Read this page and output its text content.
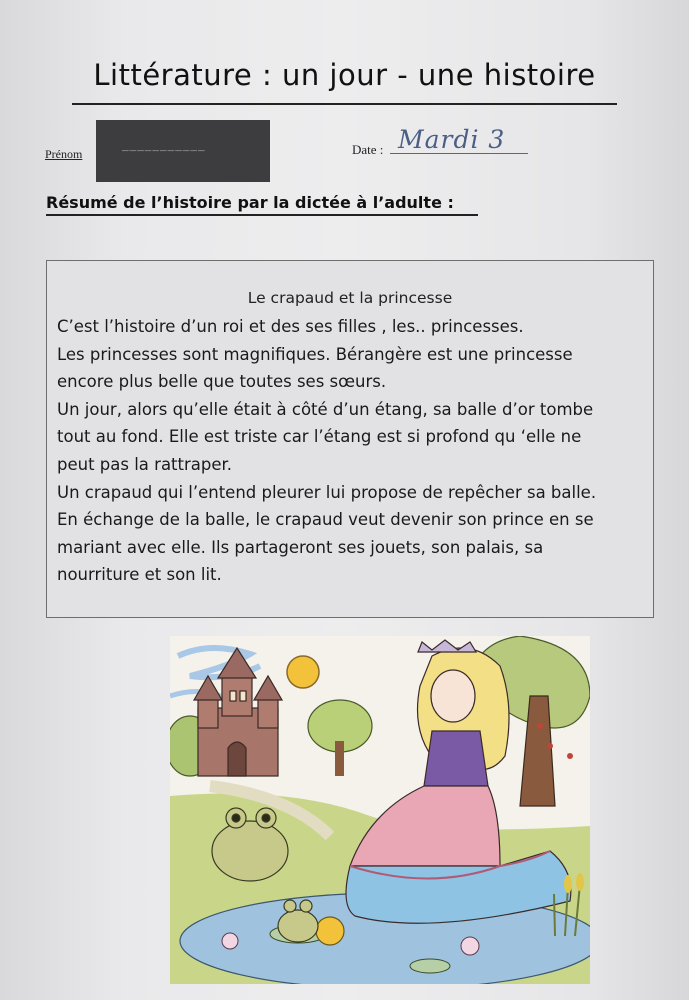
Littérature : un jour - une histoire
Prénom	___________	Date : Mardi 3
Résumé de l’histoire par la dictée à l’adulte :
Le crapaud et la princesse
C’est l’histoire d’un roi et des ses filles , les.. princesses.
Les princesses sont magnifiques. Bérangère est une princesse
encore plus belle que toutes ses sœurs.
Un jour, alors qu’elle était à côté d’un étang, sa balle d’or tombe
tout au fond. Elle est triste car l’étang est si profond qu ‘elle ne
peut pas la rattraper.
Un crapaud qui l’entend pleurer lui propose de repêcher sa balle.
En échange de la balle, le crapaud veut devenir son prince en se
mariant avec elle. Ils partageront ses jouets, son palais, sa
nourriture et son lit.
